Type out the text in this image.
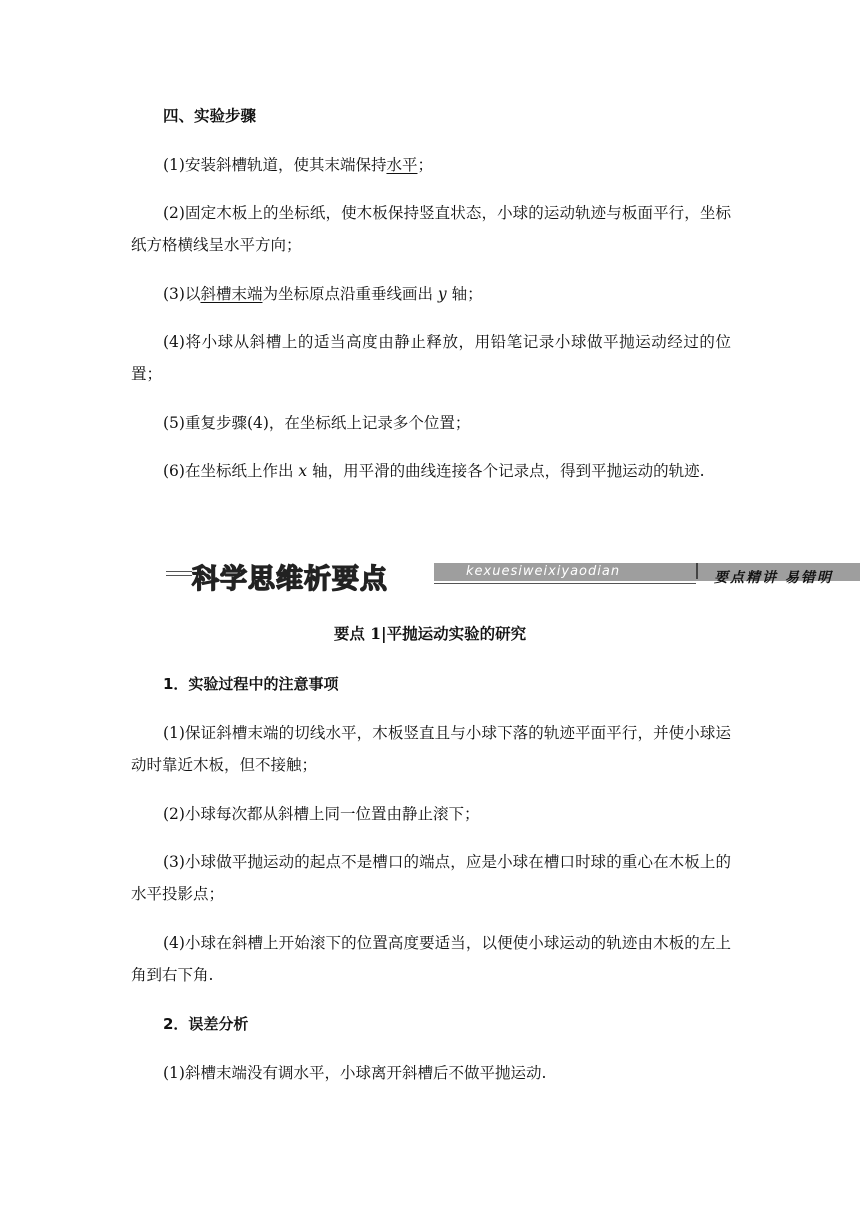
四、实验步骤

(1)安装斜槽轨道，使其末端保持水平；

(2)固定木板上的坐标纸，使木板保持竖直状态，小球的运动轨迹与板面平行，坐标纸方格横线呈水平方向；

(3)以斜槽末端为坐标原点沿重垂线画出 y 轴；

(4)将小球从斜槽上的适当高度由静止释放，用铅笔记录小球做平抛运动经过的位置；

(5)重复步骤(4)，在坐标纸上记录多个位置；

(6)在坐标纸上作出 x 轴，用平滑的曲线连接各个记录点，得到平抛运动的轨迹.

科学思维析要点	kexuesiweixiyaodian	要点精讲 易错明
要点 1|平抛运动实验的研究

1．实验过程中的注意事项

(1)保证斜槽末端的切线水平，木板竖直且与小球下落的轨迹平面平行，并使小球运动时靠近木板，但不接触；

(2)小球每次都从斜槽上同一位置由静止滚下；

(3)小球做平抛运动的起点不是槽口的端点，应是小球在槽口时球的重心在木板上的水平投影点；

(4)小球在斜槽上开始滚下的位置高度要适当，以便使小球运动的轨迹由木板的左上角到右下角.

2．误差分析

(1)斜槽末端没有调水平，小球离开斜槽后不做平抛运动.
